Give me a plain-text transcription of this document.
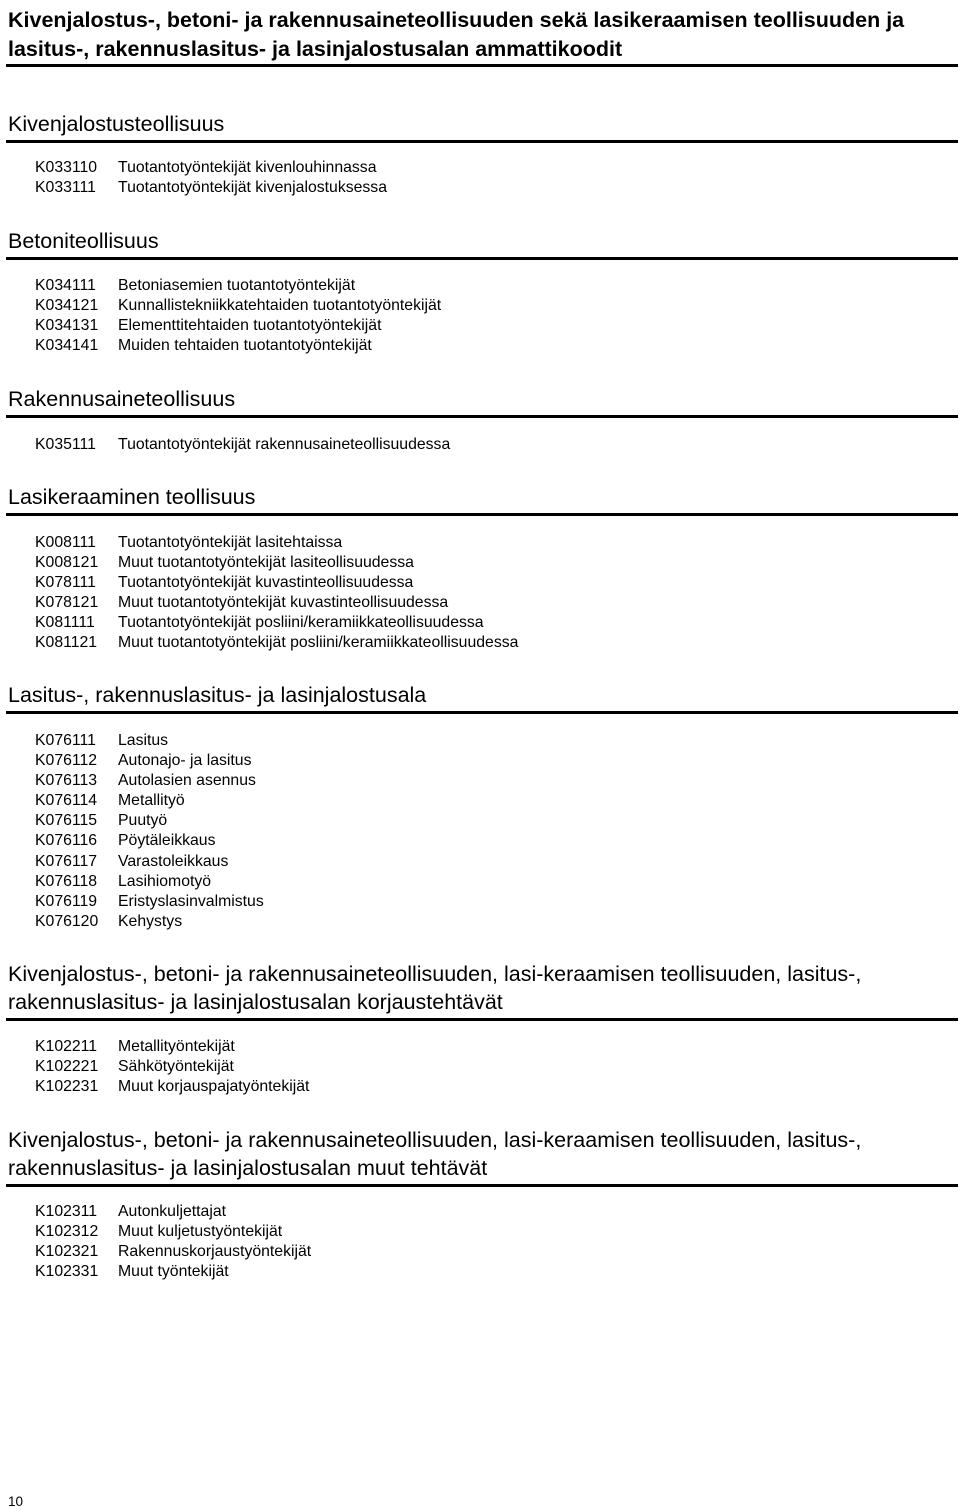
Kivenjalostus-, betoni- ja rakennusaineteollisuuden sekä lasikeraamisen teollisuuden ja lasitus-, rakennuslasitus- ja lasinjalostusalan ammattikoodit
Kivenjalostusteollisuus
K033110 Tuotantotyöntekijät kivenlouhinnassa
K033111 Tuotantotyöntekijät kivenjalostuksessa
Betoniteollisuus
K034111 Betoniasemien tuotantotyöntekijät
K034121 Kunnallistekniikkatehtaiden tuotantotyöntekijät
K034131 Elementtitehtaiden tuotantotyöntekijät
K034141 Muiden tehtaiden tuotantotyöntekijät
Rakennusaineteollisuus
K035111 Tuotantotyöntekijät rakennusaineteollisuudessa
Lasikeraaminen teollisuus
K008111 Tuotantotyöntekijät lasitehtaissa
K008121 Muut tuotantotyöntekijät lasiteollisuudessa
K078111 Tuotantotyöntekijät kuvastinteollisuudessa
K078121 Muut tuotantotyöntekijät kuvastinteollisuudessa
K081111 Tuotantotyöntekijät posliini/keramiikkateollisuudessa
K081121 Muut tuotantotyöntekijät posliini/keramiikkateollisuudessa
Lasitus-, rakennuslasitus- ja lasinjalostusala
K076111 Lasitus
K076112 Autonajo- ja lasitus
K076113 Autolasien asennus
K076114 Metallityö
K076115 Puutyö
K076116 Pöytäleikkaus
K076117 Varastoleikkaus
K076118 Lasihiomotyö
K076119 Eristyslasinvalmistus
K076120 Kehystys
Kivenjalostus-, betoni- ja rakennusaineteollisuuden, lasi-keraamisen teollisuuden, lasitus-,
rakennuslasitus- ja lasinjalostusalan korjaustehtävät
K102211 Metallityöntekijät
K102221 Sähkötyöntekijät
K102231 Muut korjauspajatyöntekijät
Kivenjalostus-, betoni- ja rakennusaineteollisuuden, lasi-keraamisen teollisuuden, lasitus-,
rakennuslasitus- ja lasinjalostusalan muut tehtävät
K102311 Autonkuljettajat
K102312 Muut kuljetustyöntekijät
K102321 Rakennuskorjaustyöntekijät
K102331 Muut työntekijät
10
